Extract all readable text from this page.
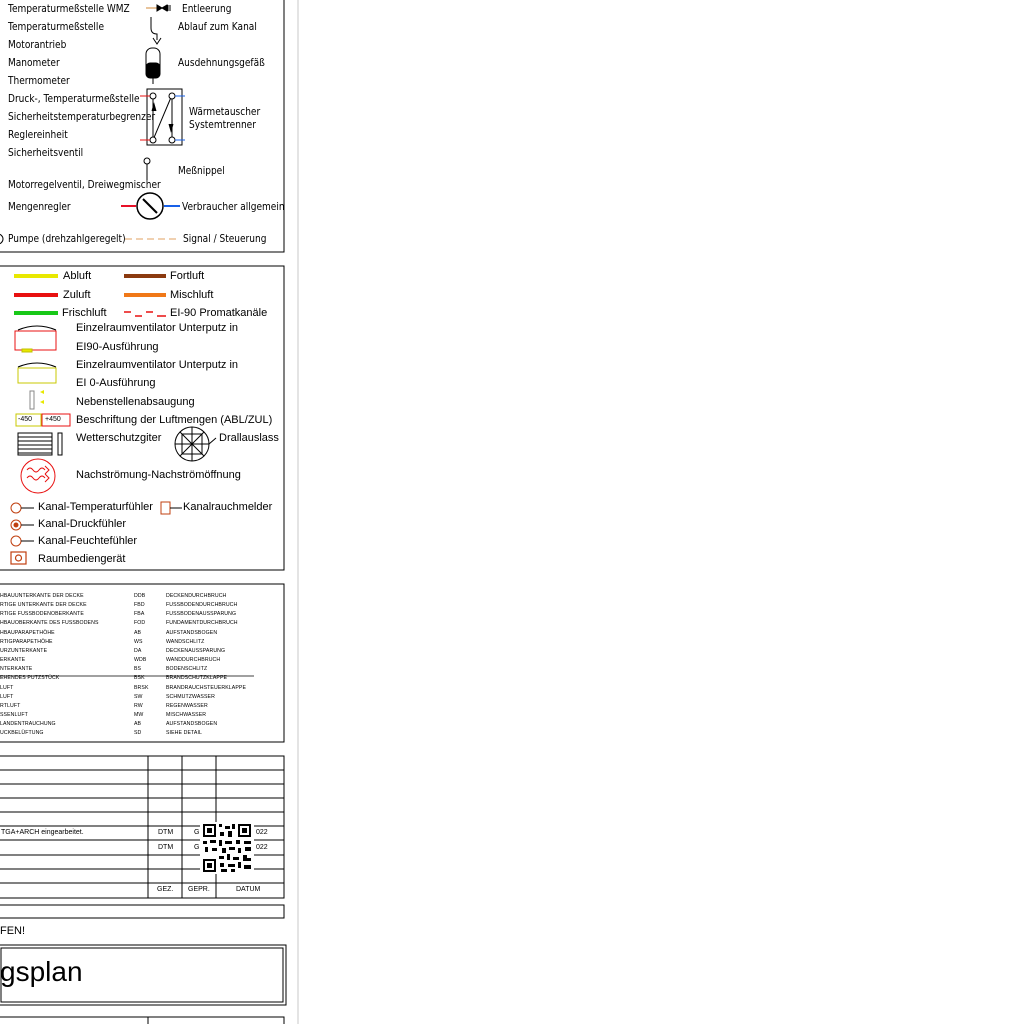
Temperaturmeßstelle WMZ
Temperaturmeßstelle
Motorantrieb
Manometer
Thermometer
Druck-, Temperaturmeßstelle
Sicherheitstemperaturbegrenzer
Reglereinheit
Sicherheitsventil
Motorregelventil, Dreiwegmischer
Mengenregler
Pumpe (drehzahlgeregelt)
Entleerung
Ablauf zum Kanal
Ausdehnungsgefäß
Wärmetauscher Systemtrenner
Meßnippel
Verbraucher allgemein
Signal / Steuerung
Abluft	Fortluft
Zuluft	Mischluft
Frischluft	EI-90 Promatkanäle
Einzelraumventilator Unterputz in
EI90-Ausführung
Einzelraumventilator Unterputz in
EI 0-Ausführung
Nebenstellenabsaugung
-450 +450 Beschriftung der Luftmengen (ABL/ZUL)
Wetterschutzgiter	Drallauslass
Nachströmung-Nachströmöffnung
Kanal-Temperaturfühler	Kanalrauchmelder
Kanal-Druckfühler
Kanal-Feuchtefühler
Raumbediengerät
HBAUUNTERKANTE DER DECKE	DDB	DECKENDURCHBRUCH
RTIGE UNTERKANTE DER DECKE	FBD	FUSSBODENDURCHBRUCH
RTIGE FUSSBODENOBERKANTE	FBA	FUSSBODENAUSSPARUNG
HBAUOBERKANTE DES FUSSBODENS	FOD	FUNDAMENTDURCHBRUCH
HBAUPARAPETHÖHE	AB	AUFSTANDSBOGEN
RTIGPARAPETHÖHE	WS	WANDSCHLITZ
URZUNTERKANTE	DA	DECKENAUSSPARUNG
ERKANTE	WDB	WANDDURCHBRUCH
NTERKANTE	BS	BODENSCHLITZ
EHENDES PUTZSTÜCK	BSK	BRANDSCHUTZKLAPPE
LUFT	BRSK	BRANDRAUCHSTEUERKLAPPE
LUFT	SW	SCHMUTZWASSER
RTLUFT	RW	REGENWASSER
SSENLUFT	MW	MISCHWASSER
LANDENTRAUCHUNG	AB	AUFSTANDSBOGEN
UCKBELÜFTUNG	SD	SIEHE DETAIL
TGA+ARCH eingearbeitet.	DTM	G	022
DTM	G	022
GEZ. GEPR.	DATUM
FEN!
gsplan
